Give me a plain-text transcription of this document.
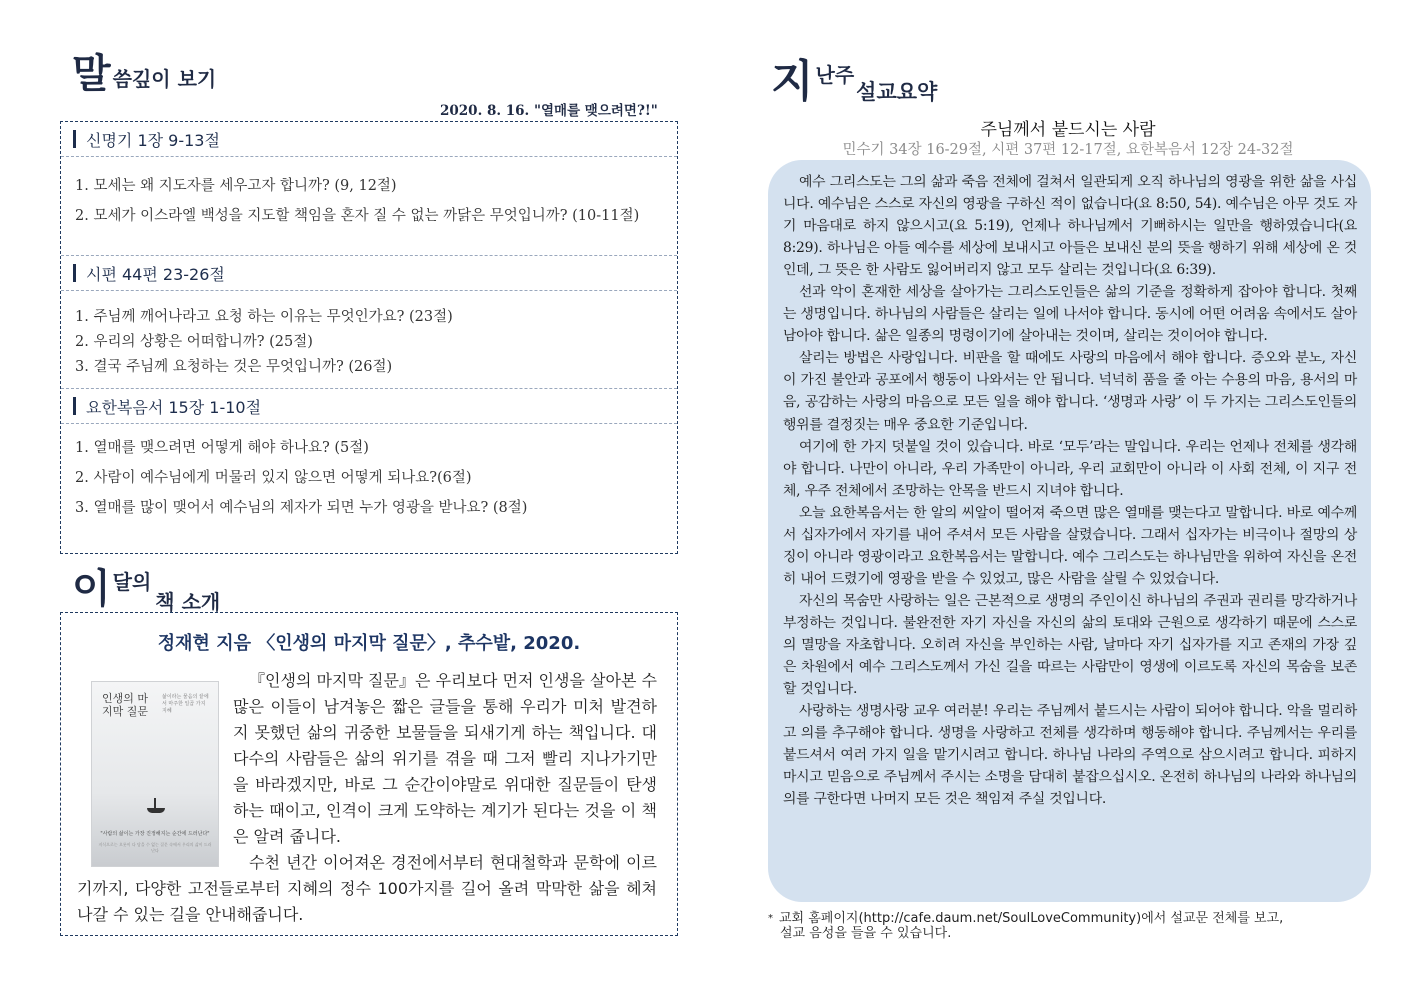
말 씀깊이 보기
2020. 8. 16. "열매를 맺으려면?!"
신명기 1장 9-13절
1. 모세는 왜 지도자를 세우고자 합니까? (9, 12절)
2. 모세가 이스라엘 백성을 지도할 책임을 혼자 질 수 없는 까닭은 무엇입니까? (10-11절)
시편 44편 23-26절
1. 주님께 깨어나라고 요청 하는 이유는 무엇인가요? (23절)
2. 우리의 상황은 어떠합니까? (25절)
3. 결국 주님께 요청하는 것은 무엇입니까? (26절)
요한복음서 15장 1-10절
1. 열매를 맺으려면 어떻게 해야 하나요? (5절)
2. 사람이 예수님에게 머물러 있지 않으면 어떻게 되나요?(6절)
3. 열매를 많이 맺어서 예수님의 제자가 되면 누가 영광을 받나요? (8절)
이 달의
책 소개
정재현 지음 〈인생의 마지막 질문〉, 추수밭, 2020.
인생의 마지막 질문
삶이라는 물음의 끝에서 마주한 일곱 가지 지혜
"사람의 삶이는 가장 진정해지는 순간에 드러난다"
지식으로는 오롯이 다 담을 수 없는 질문 속에서 우리의 삶이 드러난다

『인생의 마지막 질문』은 우리보다 먼저 인생을 살아본 수많은 이들이 남겨놓은 짧은 글들을 통해 우리가 미처 발견하지 못했던 삶의 귀중한 보물들을 되새기게 하는 책입니다. 대다수의 사람들은 삶의 위기를 겪을 때 그저 빨리 지나가기만을 바라겠지만, 바로 그 순간이야말로 위대한 질문들이 탄생하는 때이고, 인격이 크게 도약하는 계기가 된다는 것을 이 책은 알려 줍니다.

수천 년간 이어져온 경전에서부터 현대철학과 문학에 이르기까지, 다양한 고전들로부터 지혜의 정수 100가지를 길어 올려 막막한 삶을 헤쳐 나갈 수 있는 길을 안내해줍니다.

지 난주
설교요약
주님께서 붙드시는 사람
민수기 34장 16-29절, 시편 37편 12-17절, 요한복음서 12장 24-32절

예수 그리스도는 그의 삶과 죽음 전체에 걸쳐서 일관되게 오직 하나님의 영광을 위한 삶을 사십니다. 예수님은 스스로 자신의 영광을 구하신 적이 없습니다(요 8:50, 54). 예수님은 아무 것도 자기 마음대로 하지 않으시고(요 5:19), 언제나 하나님께서 기뻐하시는 일만을 행하였습니다(요 8:29). 하나님은 아들 예수를 세상에 보내시고 아들은 보내신 분의 뜻을 행하기 위해 세상에 온 것인데, 그 뜻은 한 사람도 잃어버리지 않고 모두 살리는 것입니다(요 6:39).

선과 악이 혼재한 세상을 살아가는 그리스도인들은 삶의 기준을 정확하게 잡아야 합니다. 첫째는 생명입니다. 하나님의 사람들은 살리는 일에 나서야 합니다. 동시에 어떤 어려움 속에서도 살아남아야 합니다. 삶은 일종의 명령이기에 살아내는 것이며, 살리는 것이어야 합니다.

살리는 방법은 사랑입니다. 비판을 할 때에도 사랑의 마음에서 해야 합니다. 증오와 분노, 자신이 가진 불안과 공포에서 행동이 나와서는 안 됩니다. 넉넉히 품을 줄 아는 수용의 마음, 용서의 마음, 공감하는 사랑의 마음으로 모든 일을 해야 합니다. ‘생명과 사랑’ 이 두 가지는 그리스도인들의 행위를 결정짓는 매우 중요한 기준입니다.

여기에 한 가지 덧붙일 것이 있습니다. 바로 ‘모두’라는 말입니다. 우리는 언제나 전체를 생각해야 합니다. 나만이 아니라, 우리 가족만이 아니라, 우리 교회만이 아니라 이 사회 전체, 이 지구 전체, 우주 전체에서 조망하는 안목을 반드시 지녀야 합니다.

오늘 요한복음서는 한 알의 씨알이 떨어져 죽으면 많은 열매를 맺는다고 말합니다. 바로 예수께서 십자가에서 자기를 내어 주셔서 모든 사람을 살렸습니다. 그래서 십자가는 비극이나 절망의 상징이 아니라 영광이라고 요한복음서는 말합니다. 예수 그리스도는 하나님만을 위하여 자신을 온전히 내어 드렸기에 영광을 받을 수 있었고, 많은 사람을 살릴 수 있었습니다.

자신의 목숨만 사랑하는 일은 근본적으로 생명의 주인이신 하나님의 주권과 권리를 망각하거나 부정하는 것입니다. 불완전한 자기 자신을 자신의 삶의 토대와 근원으로 생각하기 때문에 스스로의 멸망을 자초합니다. 오히려 자신을 부인하는 사람, 날마다 자기 십자가를 지고 존재의 가장 깊은 차원에서 예수 그리스도께서 가신 길을 따르는 사람만이 영생에 이르도록 자신의 목숨을 보존할 것입니다.

사랑하는 생명사랑 교우 여러분! 우리는 주님께서 붙드시는 사람이 되어야 합니다. 악을 멀리하고 의를 추구해야 합니다. 생명을 사랑하고 전체를 생각하며 행동해야 합니다. 주님께서는 우리를 붙드셔서 여러 가지 일을 맡기시려고 합니다. 하나님 나라의 주역으로 삼으시려고 합니다. 피하지 마시고 믿음으로 주님께서 주시는 소명을 담대히 붙잡으십시오. 온전히 하나님의 나라와 하나님의 의를 구한다면 나머지 모든 것은 책임져 주실 것입니다.

* 교회 홈페이지(http://cafe.daum.net/SoulLoveCommunity)에서 설교문 전체를 보고,
설교 음성을 들을 수 있습니다.
